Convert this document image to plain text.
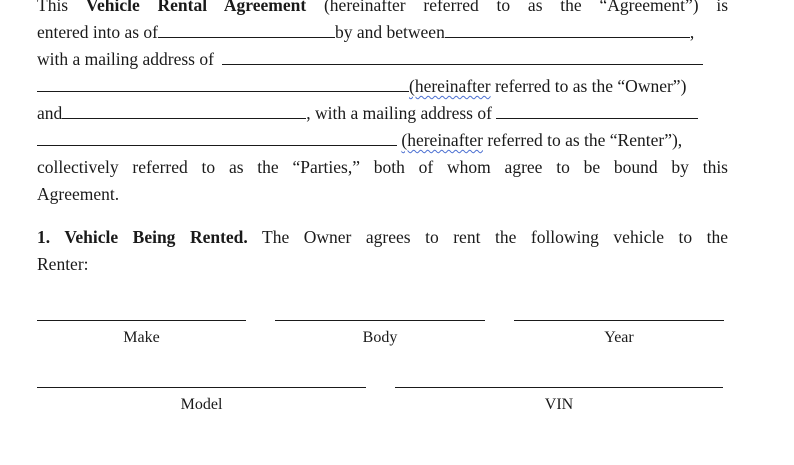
This Vehicle Rental Agreement (hereinafter referred to as the “Agreement”) is
entered into as of	by and between	,
with a mailing address of
(hereinafter referred to as the “Owner”)
and	, with a mailing address of
(hereinafter referred to as the “Renter”),
collectively referred to as the “Parties,” both of whom agree to be bound by this
Agreement.
1. Vehicle Being Rented. The Owner agrees to rent the following vehicle to the
Renter:
Make	Body	Year
Model	VIN
